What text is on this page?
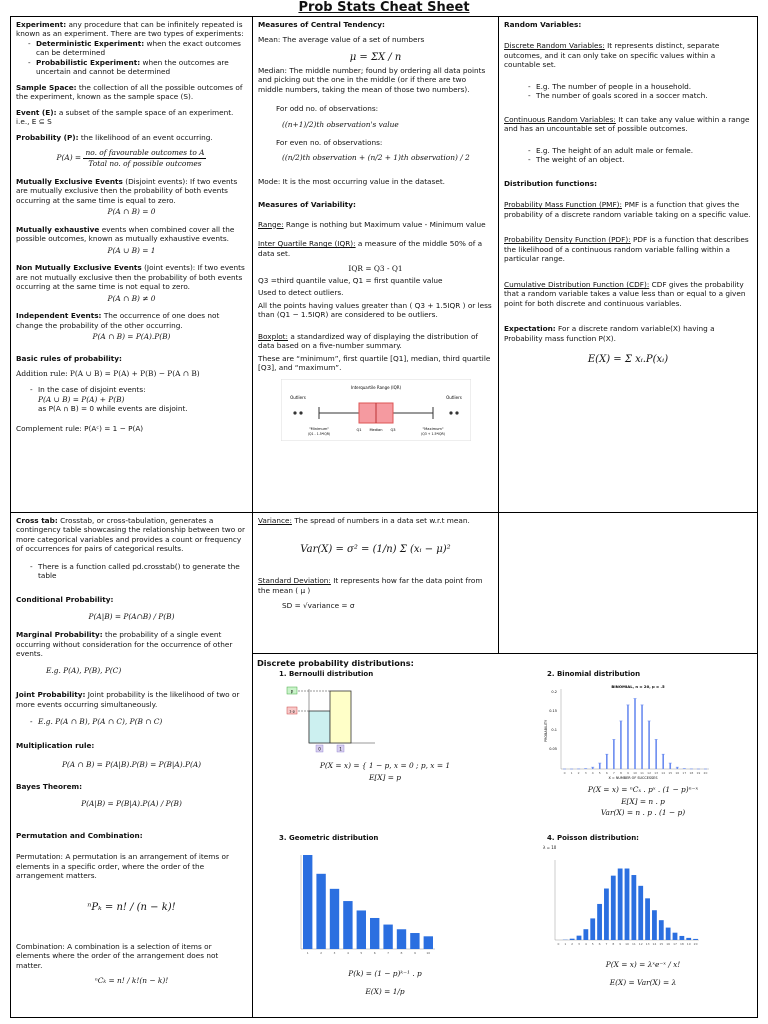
Prob Stats Cheat Sheet
Experiment: any procedure that can be infinitely repeated is known as an experiment. There are two types of experiments:
- Deterministic Experiment: when the exact outcomes can be determined
- Probabilistic Experiment: when the outcomes are uncertain and cannot be determined
Sample Space: the collection of all the possible outcomes of the experiment, known as the sample space (S).
Event (E): a subset of the sample space of an experiment. i.e., E ⊆ S
Probability (P): the likelihood of an event occurring.
$P(A) = \frac{\text{no. of favourable outcomes to A}}{\text{Total no. of possible outcomes}}$
Mutually Exclusive Events (Disjoint events): If two events are mutually exclusive then the probability of both events occurring at the same time is equal to zero.
P(A ∩ B) = 0
Mutually exhaustive events when combined cover all the possible outcomes, known as mutually exhaustive events.
P(A ∪ B) = 1
Non Mutually Exclusive Events (Joint events): If two events are not mutually exclusive then the probability of both events occurring at the same time is not equal to zero.
P(A ∩ B) ≠ 0
Independent Events: The occurrence of one does not change the probability of the other occurring.
P(A ∩ B) = P(A).P(B)
Basic rules of probability:
Addition rule: P(A ∪ B) = P(A) + P(B) − P(A ∩ B)
- In the case of disjoint events:
P(A ∪ B) = P(A) + P(B)
as P(A ∩ B) = 0 while events are disjoint.
Complement rule: P(Aᶜ) = 1 − P(A)
Measures of Central Tendency:
Mean: The average value of a set of numbers
μ = ΣX / n
Median: The middle number; found by ordering all data points and picking out the one in the middle (or if there are two middle numbers, taking the mean of those two numbers).
For odd no. of observations:
((n+1)/2)th observation's value
For even no. of observations:
((n/2)th observation + (n/2 + 1)th observation) / 2
Mode: It is the most occurring value in the dataset.
Measures of Variability:
Range: Range is nothing but Maximum value - Minimum value
Inter Quartile Range (IQR): a measure of the middle 50% of a data set.
IQR = Q3 - Q1
Q3 =third quantile value, Q1 = first quantile value
Used to detect outliers.
All the points having values greater than ( Q3 + 1.5IQR ) or less than (Q1 − 1.5IQR) are considered to be outliers.
Boxplot: a standardized way of displaying the distribution of data based on a five-number summary.
These are “minimum”, first quartile [Q1], median, third quartile [Q3], and “maximum”.
Interquartile Range (IQR)
Outliers	Outliers
"Minimum"
(Q1 - 1.5*IQR)
"Maximum"
(Q3 + 1.5*IQR)
Q1 Median Q3
Random Variables:
Discrete Random Variables: It represents distinct, separate outcomes, and it can only take on specific values within a countable set.
- E.g. The number of people in a household.
- The number of goals scored in a soccer match.
Continuous Random Variables: It can take any value within a range and has an uncountable set of possible outcomes.
- E.g. The height of an adult male or female.
- The weight of an object.
Distribution functions:
Probability Mass Function (PMF): PMF is a function that gives the probability of a discrete random variable taking on a specific value.
Probability Density Function (PDF): PDF is a function that describes the likelihood of a continuous random variable falling within a particular range.
Cumulative Distribution Function (CDF): CDF gives the probability that a random variable takes a value less than or equal to a given point for both discrete and continuous variables.
Expectation: For a discrete random variable(X) having a Probability mass function P(X).
E(X) = Σ xᵢ.P(xᵢ)
Cross tab: Crosstab, or cross-tabulation, generates a contingency table showcasing the relationship between two or more categorical variables and provides a count or frequency of occurrences for pairs of categorical results.
- There is a function called pd.crosstab() to generate the table
Conditional Probability:
P(A|B) = P(A∩B) / P(B)
Marginal Probability: the probability of a single event occurring without consideration for the occurrence of other events.
E.g. P(A), P(B), P(C)
Joint Probability: Joint probability is the likelihood of two or more events occurring simultaneously.
- E.g. P(A ∩ B), P(A ∩ C), P(B ∩ C)
Multiplication rule:
P(A ∩ B) = P(A|B).P(B) = P(B|A).P(A)
Bayes Theorem:
P(A|B) = P(B|A).P(A) / P(B)
Permutation and Combination:
Permutation: A permutation is an arrangement of items or elements in a specific order, where the order of the arrangement matters.
ⁿPₖ = n! / (n − k)!
Combination: A combination is a selection of items or elements where the order of the arrangement does not matter.
ⁿCₖ = n! / k!(n − k)!
Variance: The spread of numbers in a data set w.r.t mean.
Var(X) = σ² = (1/n) Σ (xᵢ − μ)²
Standard Deviation: It represents how far the data point from the mean ( μ )
SD = √variance = σ
Discrete probability distributions:
1. Bernoulli distribution
p
1-p
0	1
P(X = x) = { 1 − p, x = 0 ; p, x = 1
E[X] = p
2. Binomial distribution
BINOMIAL, n = 20, p = .5
PROBABILITY
X = NUMBER OF SUCCESSES
0.2
0.15
0.1
0.05
0 1 2 3 4 5 6 7 8 9 10 11 12 13 14 15 16 17 18 19 20
P(X = x) = ⁿCₓ . pˣ . (1 − p)ⁿ⁻ˣ
E[X] = n . p
Var(X) = n . p . (1 − p)
3. Geometric distribution
1	2	3	4	5	6	7	8	9	10
P(k) = (1 − p)ᵏ⁻¹ . p
E(X) = 1/p
4. Poisson distribution:
λ = 10
0 1 2 3 4 5 6 7 8 9 10 11 12 13 14 15 16 17 18 19 20
P(X = x) = λˣe⁻ˣ / x!
E(X) = Var(X) = λ
